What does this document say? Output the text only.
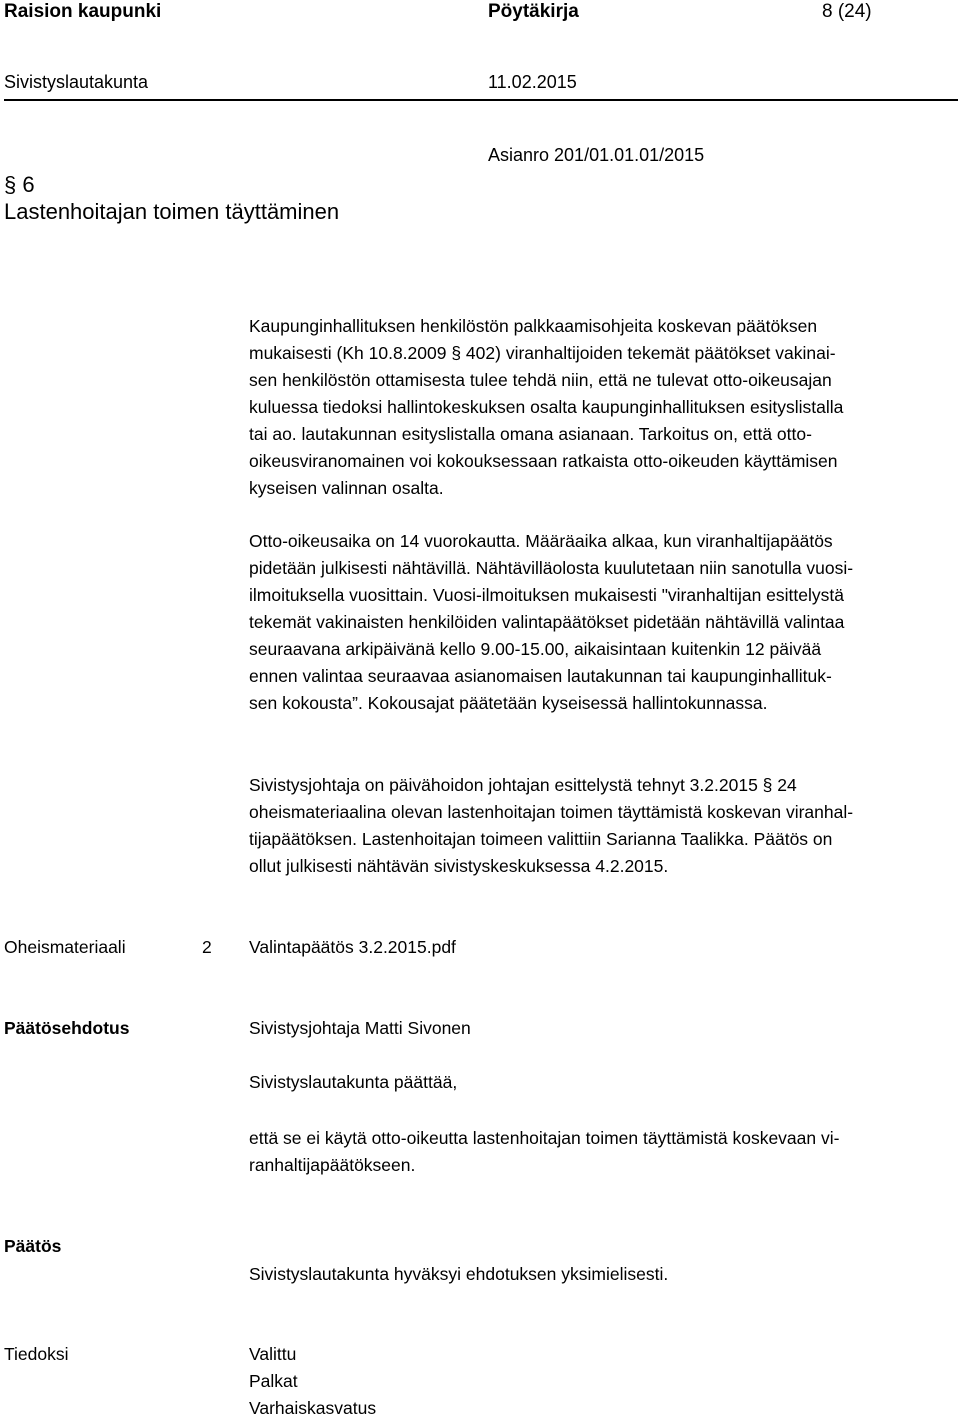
Raision kaupunki	Pöytäkirja	8 (24)
Sivistyslautakunta	11.02.2015
§ 6
Lastenhoitajan toimen täyttäminen
Asianro 201/01.01.01/2015
Kaupunginhallituksen henkilöstön palkkaamisohjeita koskevan päätöksen
mukaisesti (Kh 10.8.2009 § 402) viranhaltijoiden tekemät päätökset vakinai-
sen henkilöstön ottamisesta tulee tehdä niin, että ne tulevat otto-oikeusajan
kuluessa tiedoksi hallintokeskuksen osalta kaupunginhallituksen esityslistalla
tai ao. lautakunnan esityslistalla omana asianaan. Tarkoitus on, että otto-
oikeusviranomainen voi kokouksessaan ratkaista otto-oikeuden käyttämisen
kyseisen valinnan osalta.
Otto-oikeusaika on 14 vuorokautta. Määräaika alkaa, kun viranhaltijapäätös
pidetään julkisesti nähtävillä. Nähtävilläolosta kuulutetaan niin sanotulla vuosi-
ilmoituksella vuosittain. Vuosi-ilmoituksen mukaisesti "viranhaltijan esittelystä
tekemät vakinaisten henkilöiden valintapäätökset pidetään nähtävillä valintaa
seuraavana arkipäivänä kello 9.00-15.00, aikaisintaan kuitenkin 12 päivää
ennen valintaa seuraavaa asianomaisen lautakunnan tai kaupunginhallituk-
sen kokousta”. Kokousajat päätetään kyseisessä hallintokunnassa.
Sivistysjohtaja on päivähoidon johtajan esittelystä tehnyt 3.2.2015 § 24
oheismateriaalina olevan lastenhoitajan toimen täyttämistä koskevan viranhal-
tijapäätöksen. Lastenhoitajan toimeen valittiin Sarianna Taalikka. Päätös on
ollut julkisesti nähtävän sivistyskeskuksessa 4.2.2015.
Oheismateriaali	2 Valintapäätös 3.2.2015.pdf
Päätösehdotus	Sivistysjohtaja Matti Sivonen
Sivistyslautakunta päättää,
että se ei käytä otto-oikeutta lastenhoitajan toimen täyttämistä koskevaan vi-
ranhaltijapäätökseen.
Päätös
Sivistyslautakunta hyväksyi ehdotuksen yksimielisesti.
Tiedoksi	Valittu
Palkat
Varhaiskasvatus
